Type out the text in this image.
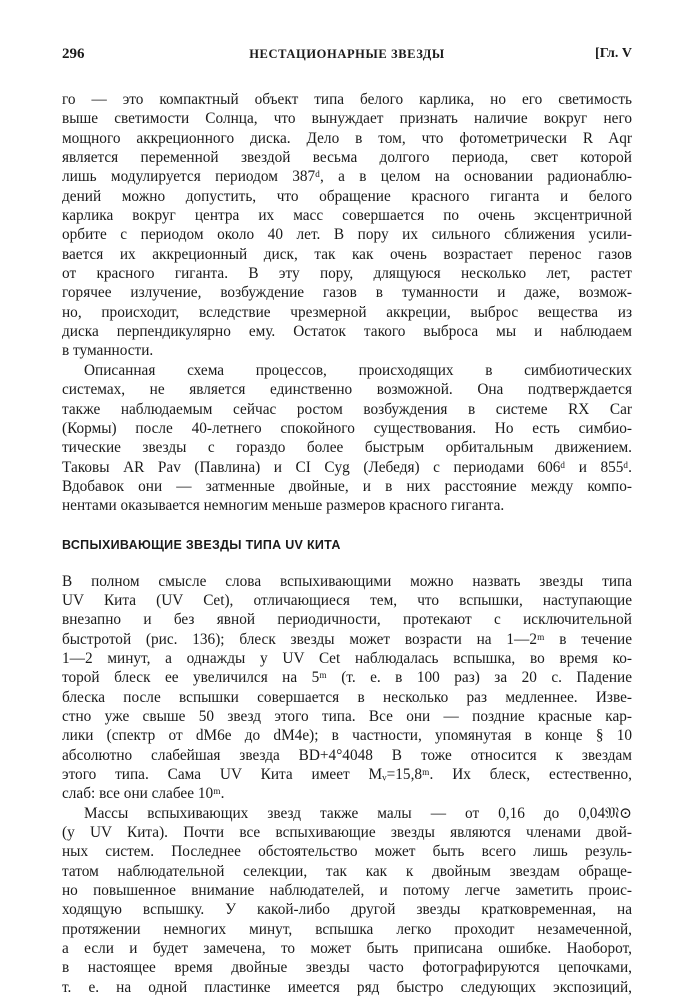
296	НЕСТАЦИОНАРНЫЕ ЗВЕЗДЫ	[Гл. V
го — это компактный объект типа белого карлика, но его светимость
выше светимости Солнца, что вынуждает признать наличие вокруг него
мощного аккреционного диска. Дело в том, что фотометрически R Aqr
является переменной звездой весьма долгого периода, свет которой
лишь модулируется периодом 387ᵈ, а в целом на основании радионаблю-
дений можно допустить, что обращение красного гиганта и белого
карлика вокруг центра их масс совершается по очень эксцентричной
орбите с периодом около 40 лет. В пору их сильного сближения усили-
вается их аккреционный диск, так как очень возрастает перенос газов
от красного гиганта. В эту пору, длящуюся несколько лет, растет
горячее излучение, возбуждение газов в туманности и даже, возмож-
но, происходит, вследствие чрезмерной аккреции, выброс вещества из
диска перпендикулярно ему. Остаток такого выброса мы и наблюдаем
в туманности.
Описанная схема процессов, происходящих в симбиотических
системах, не является единственно возможной. Она подтверждается
также наблюдаемым сейчас ростом возбуждения в системе RX Car
(Кормы) после 40-летнего спокойного существования. Но есть симбио-
тические звезды с гораздо более быстрым орбитальным движением.
Таковы AR Pav (Павлина) и CI Cyg (Лебедя) с периодами 606ᵈ и 855ᵈ.
Вдобавок они — затменные двойные, и в них расстояние между компо-
нентами оказывается немногим меньше размеров красного гиганта.
ВСПЫХИВАЮЩИЕ ЗВЕЗДЫ ТИПА UV КИТА
В полном смысле слова вспыхивающими можно назвать звезды типа
UV Кита (UV Cet), отличающиеся тем, что вспышки, наступающие
внезапно и без явной периодичности, протекают с исключительной
быстротой (рис. 136); блеск звезды может возрасти на 1—2ᵐ в течение
1—2 минут, а однажды у UV Cet наблюдалась вспышка, во время ко-
торой блеск ее увеличился на 5ᵐ (т. е. в 100 раз) за 20 с. Падение
блеска после вспышки совершается в несколько раз медленнее. Изве-
стно уже свыше 50 звезд этого типа. Все они — поздние красные кар-
лики (спектр от dM6e до dM4e); в частности, упомянутая в конце § 10
абсолютно слабейшая звезда BD+4°4048 B тоже относится к звездам
этого типа. Сама UV Кита имеет Mᵥ=15,8ᵐ. Их блеск, естественно,
слаб: все они слабее 10ᵐ.
Массы вспыхивающих звезд также малы — от 0,16 до 0,04𝔐⊙
(у UV Кита). Почти все вспыхивающие звезды являются членами двой-
ных систем. Последнее обстоятельство может быть всего лишь резуль-
татом наблюдательной селекции, так как к двойным звездам обраще-
но повышенное внимание наблюдателей, и потому легче заметить проис-
ходящую вспышку. У какой-либо другой звезды кратковременная, на
протяжении немногих минут, вспышка легко проходит незамеченной,
а если и будет замечена, то может быть приписана ошибке. Наоборот,
в настоящее время двойные звезды часто фотографируются цепочками,
т. е. на одной пластинке имеется ряд быстро следующих экспозиций,
